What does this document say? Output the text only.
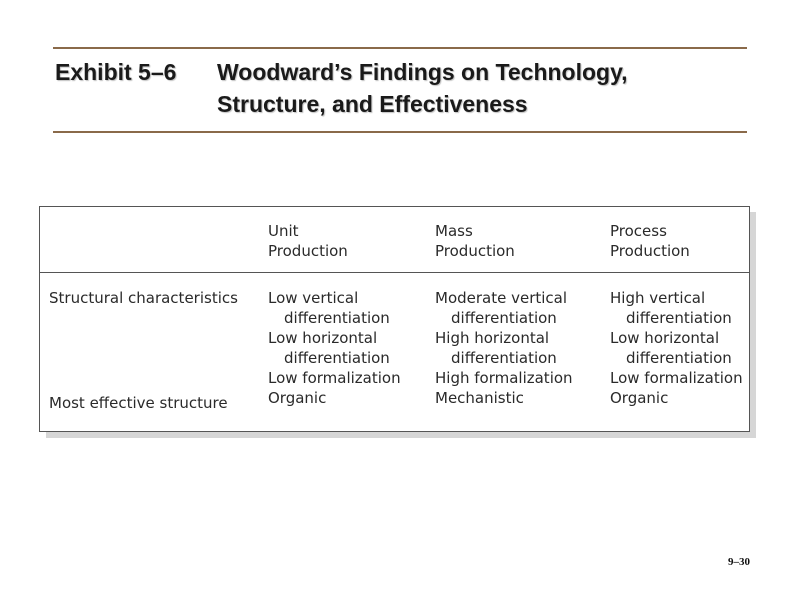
Exhibit 5–6 Woodward’s Findings on Technology,
Structure, and Effectiveness
Unit
Production
Mass
Production
Process
Production
Structural characteristics
Most effective structure
Low vertical
differentiation
Low horizontal
differentiation
Low formalization
Organic
Moderate vertical
differentiation
High horizontal
differentiation
High formalization
Mechanistic
High vertical
differentiation
Low horizontal
differentiation
Low formalization
Organic
9–30
